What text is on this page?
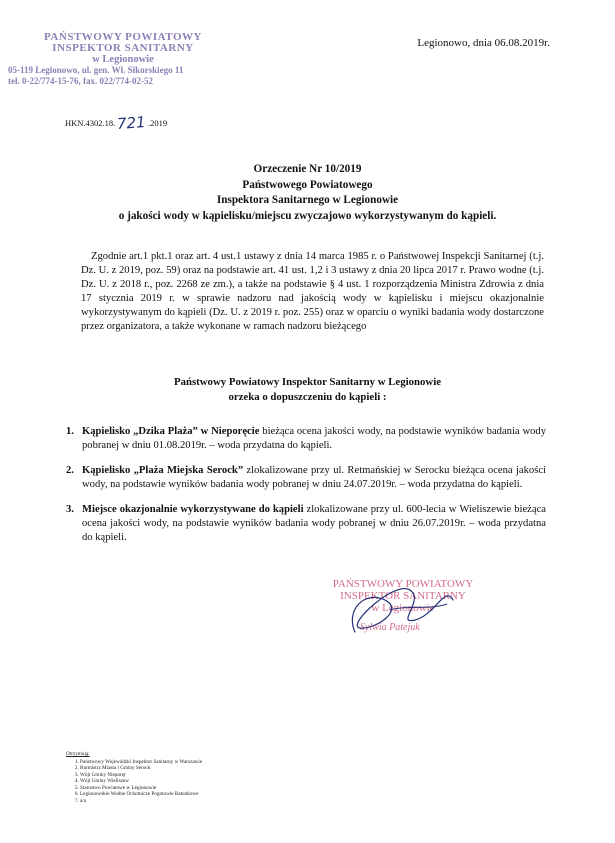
PAŃSTWOWY POWIATOWY
INSPEKTOR SANITARNY
w Legionowie
05-119 Legionowo, ul. gen. Wł. Sikorskiego 11
tel. 0-22/774-15-76, fax. 022/774-02-52
Legionowo, dnia 06.08.2019r.
HKN.4302.18. 721 .2019
Orzeczenie Nr 10/2019
Państwowego Powiatowego
Inspektora Sanitarnego w Legionowie
o jakości wody w kąpielisku/miejscu zwyczajowo wykorzystywanym do kąpieli.
Zgodnie art.1 pkt.1 oraz art. 4 ust.1 ustawy z dnia 14 marca 1985 r. o Państwowej Inspekcji Sanitarnej (t.j. Dz. U. z 2019, poz. 59) oraz na podstawie art. 41 ust. 1,2 i 3 ustawy z dnia 20 lipca 2017 r. Prawo wodne (t.j. Dz. U. z 2018 r., poz. 2268 ze zm.), a także na podstawie § 4 ust. 1 rozporządzenia Ministra Zdrowia z dnia 17 stycznia 2019 r. w sprawie nadzoru nad jakością wody w kąpielisku i miejscu okazjonalnie wykorzystywanym do kąpieli (Dz. U. z 2019 r. poz. 255) oraz w oparciu o wyniki badania wody dostarczone przez organizatora, a także wykonane w ramach nadzoru bieżącego
Państwowy Powiatowy Inspektor Sanitarny w Legionowie
orzeka o dopuszczeniu do kąpieli :
1. Kąpielisko „Dzika Plaża” w Nieporęcie bieżąca ocena jakości wody, na podstawie wyników badania wody pobranej w dniu 01.08.2019r. – woda przydatna do kąpieli.
2. Kąpielisko „Plaża Miejska Serock” zlokalizowane przy ul. Retmańskiej w Serocku bieżąca ocena jakości wody, na podstawie wyników badania wody pobranej w dniu 24.07.2019r. – woda przydatna do kąpieli.
3. Miejsce okazjonalnie wykorzystywane do kąpieli zlokalizowane przy ul. 600-lecia w Wieliszewie bieżąca ocena jakości wody, na podstawie wyników badania wody pobranej w dniu 26.07.2019r. – woda przydatna do kąpieli.
PAŃSTWOWY POWIATOWY
INSPEKTOR SANITARNY
w Legionowie
Sylwia Patejuk
Otrzymują:
1. Państwowy Wojewódzki Inspektor Sanitarny w Warszawie
2. Burmistrz Miasta i Gminy Serock
3. Wójt Gminy Nieporęt
4. Wójt Gminy Wieliszew
5. Starostwo Powiatowe w Legionowie
6. Legionowskie Wodne Ochotnicze Pogotowie Ratunkowe
7. a/a
